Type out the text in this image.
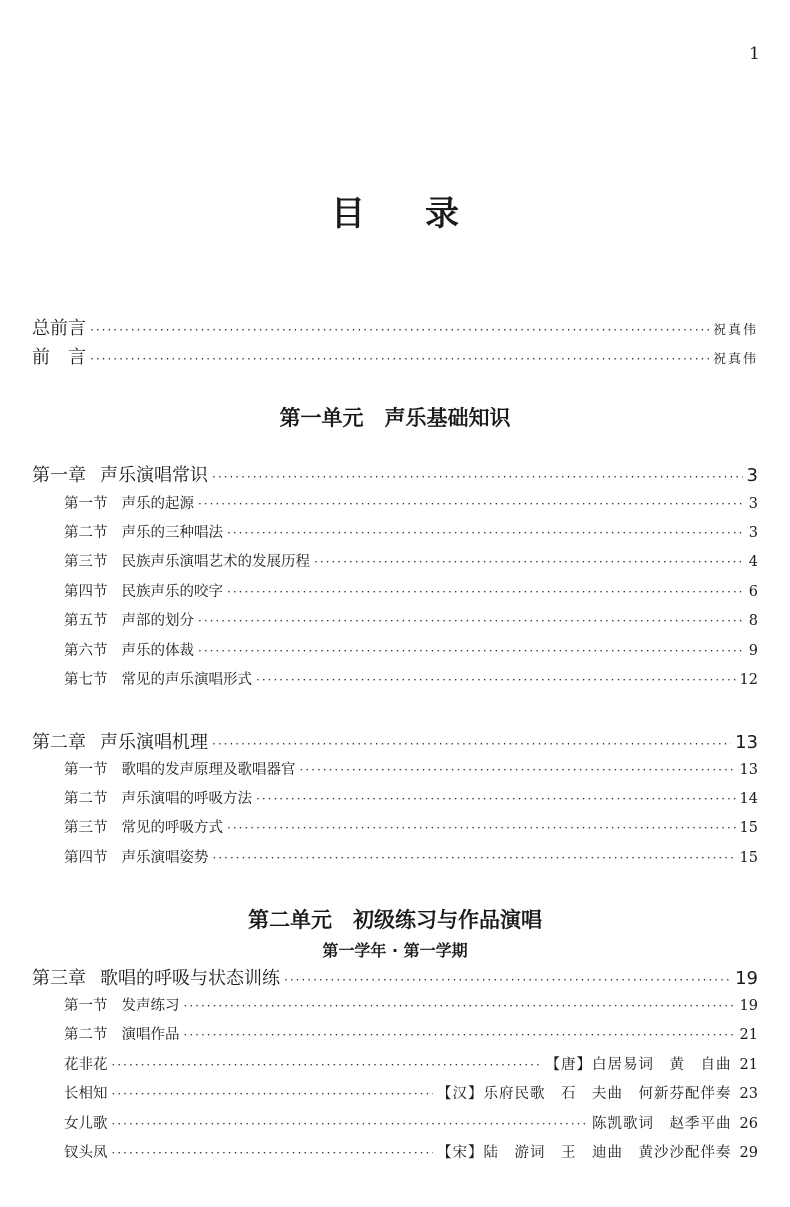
1
目录
总前言 ·····	祝真伟
前　言 ·····	祝真伟
第一单元　声乐基础知识
第一章 声乐演唱常识 ·····	3
第一节 声乐的起源 ·····	3
第二节 声乐的三种唱法 ·····	3
第三节 民族声乐演唱艺术的发展历程 ·····	4
第四节 民族声乐的咬字 ·····	6
第五节 声部的划分 ·····	8
第六节 声乐的体裁 ·····	9
第七节 常见的声乐演唱形式 ·····	12
第二章 声乐演唱机理 ·····	13
第一节 歌唱的发声原理及歌唱器官 ·····	13
第二节 声乐演唱的呼吸方法 ·····	14
第三节 常见的呼吸方式 ·····	15
第四节 声乐演唱姿势 ·····	15
第二单元　初级练习与作品演唱
第一学年 · 第一学期
第三章 歌唱的呼吸与状态训练 ·····	19
第一节 发声练习 ·····	19
第二节 演唱作品 ·····	21
花非花 ·····	【唐】白居易词　黄　自曲 21
长相知 ·····	【汉】乐府民歌　石　夫曲　何新芬配伴奏 23
女儿歌 ·····	陈凯歌词　赵季平曲 26
钗头凤 ·····	【宋】陆　游词　王　迪曲　黄沙沙配伴奏 29
